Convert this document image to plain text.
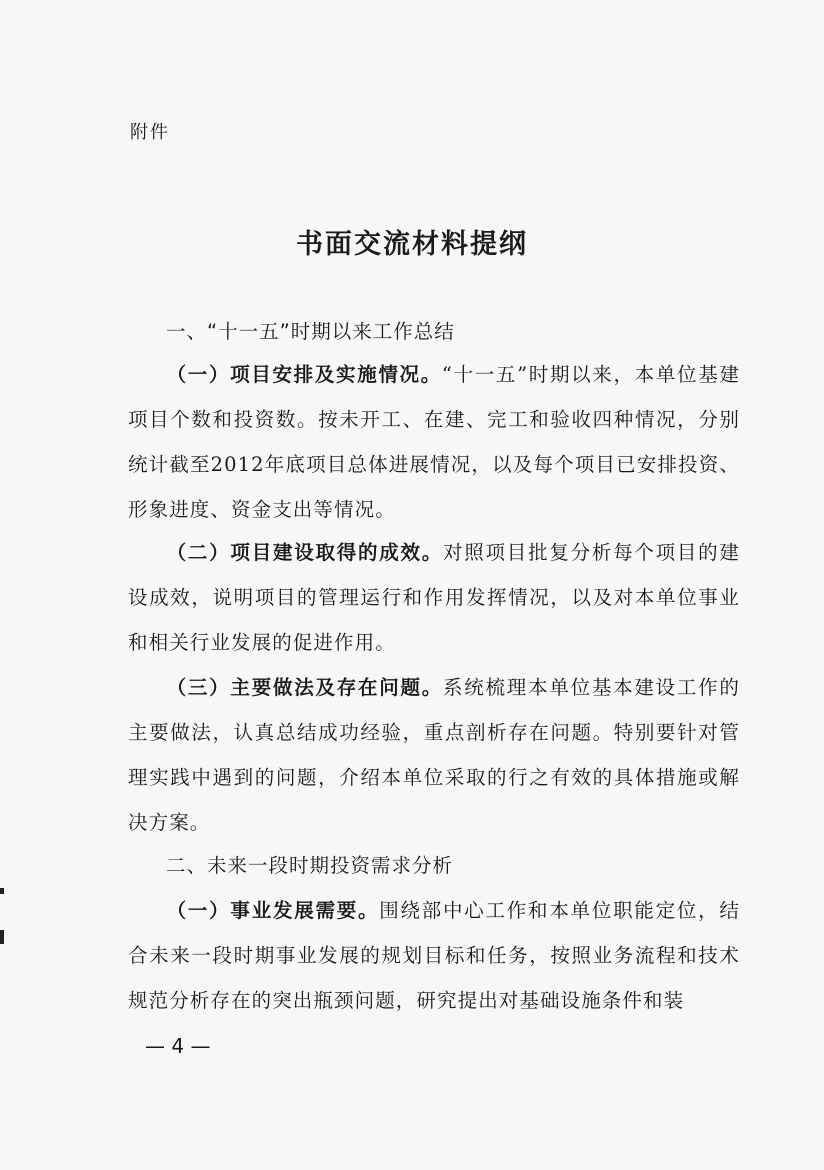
附件
书面交流材料提纲
一、“十一五”时期以来工作总结
（一）项目安排及实施情况。“十一五”时期以来，本单位基建项目个数和投资数。按未开工、在建、完工和验收四种情况，分别统计截至2012年底项目总体进展情况，以及每个项目已安排投资、形象进度、资金支出等情况。
（二）项目建设取得的成效。对照项目批复分析每个项目的建设成效，说明项目的管理运行和作用发挥情况，以及对本单位事业和相关行业发展的促进作用。
（三）主要做法及存在问题。系统梳理本单位基本建设工作的主要做法，认真总结成功经验，重点剖析存在问题。特别要针对管理实践中遇到的问题，介绍本单位采取的行之有效的具体措施或解决方案。
二、未来一段时期投资需求分析
（一）事业发展需要。围绕部中心工作和本单位职能定位，结合未来一段时期事业发展的规划目标和任务，按照业务流程和技术规范分析存在的突出瓶颈问题，研究提出对基础设施条件和装
— 4 —
